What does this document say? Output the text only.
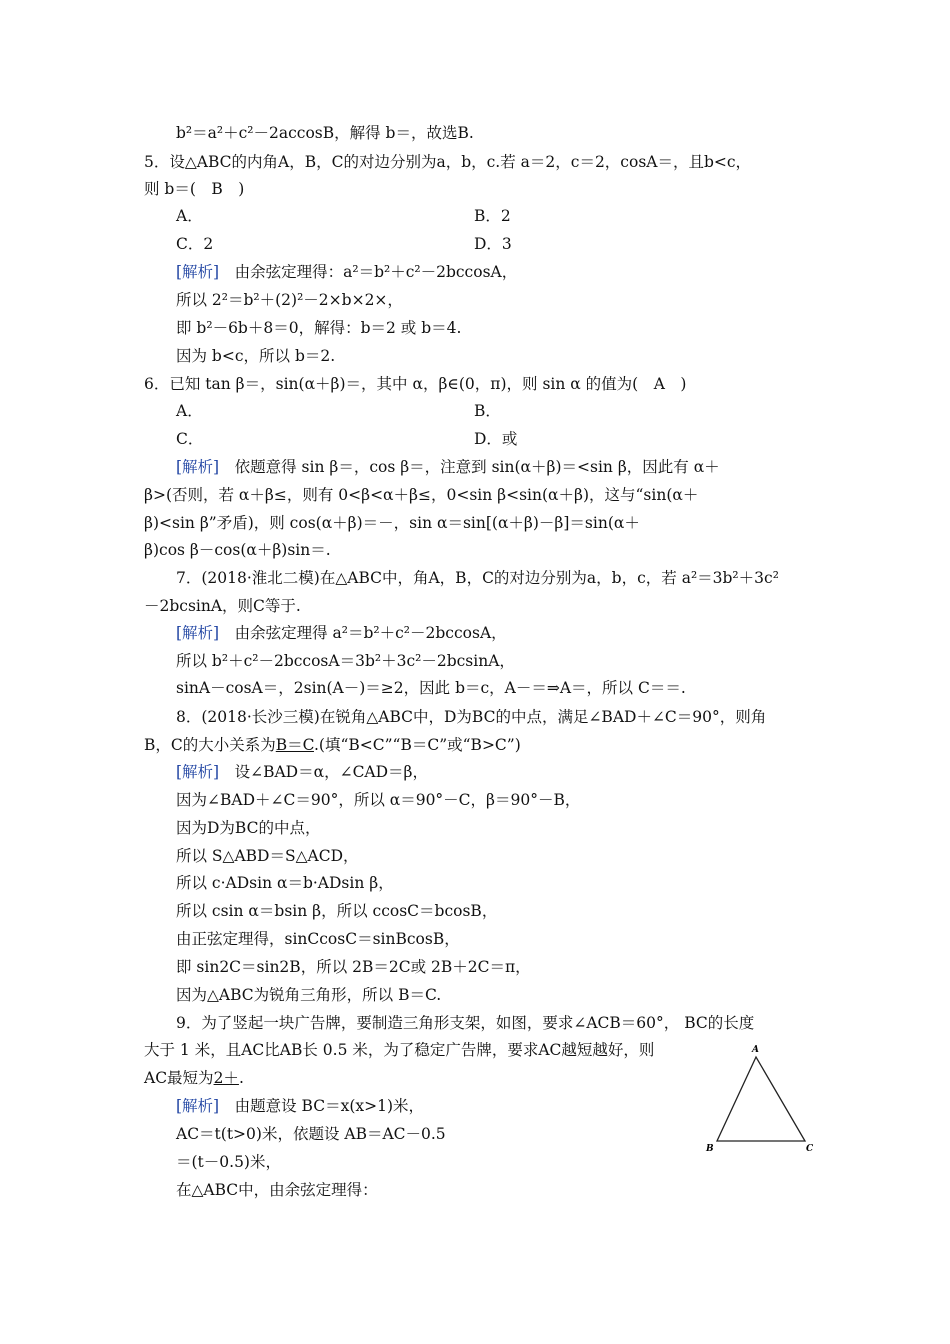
b²＝a²＋c²－2accosB，解得 b＝，故选B.
5．设△ABC的内角A，B，C的对边分别为a，b，c.若 a＝2，c＝2，cosA＝，且b<c，
则 b＝(　B　)
A．	B．2
C．2	D．3
[解析]　由余弦定理得：a²＝b²＋c²－2bccosA，
所以 2²＝b²＋(2)²－2×b×2×，
即 b²－6b＋8＝0，解得：b＝2 或 b＝4.
因为 b<c，所以 b＝2.
6．已知 tan β＝，sin(α＋β)＝，其中 α，β∈(0，π)，则 sin α 的值为(　A　)
A．	B．
C．	D．或
[解析]　依题意得 sin β＝，cos β＝，注意到 sin(α＋β)＝<sin β，因此有 α＋
β>(否则，若 α＋β≤，则有 0<β<α＋β≤，0<sin β<sin(α＋β)，这与“sin(α＋
β)<sin β”矛盾)，则 cos(α＋β)＝－，sin α＝sin[(α＋β)－β]＝sin(α＋
β)cos β－cos(α＋β)sin＝.
7．(2018·淮北二模)在△ABC中，角A，B，C的对边分别为a，b，c，若 a²＝3b²＋3c²
－2bcsinA，则C等于.
[解析]　由余弦定理得 a²＝b²＋c²－2bccosA，
所以 b²＋c²－2bccosA＝3b²＋3c²－2bcsinA，
sinA－cosA＝，2sin(A－)＝≥2，因此 b＝c，A－＝⇒A＝，所以 C＝＝.
8．(2018·长沙三模)在锐角△ABC中，D为BC的中点，满足∠BAD＋∠C＝90°，则角
B，C的大小关系为B＝C.(填“B<C”“B＝C”或“B>C”)
[解析]　设∠BAD＝α，∠CAD＝β，
因为∠BAD＋∠C＝90°，所以 α＝90°－C，β＝90°－B，
因为D为BC的中点，
所以 S△ABD＝S△ACD，
所以 c·ADsin α＝b·ADsin β，
所以 csin α＝bsin β，所以 ccosC＝bcosB，
由正弦定理得，sinCcosC＝sinBcosB，
即 sin2C＝sin2B，所以 2B＝2C或 2B＋2C＝π，
因为△ABC为锐角三角形，所以 B＝C.
9．为了竖起一块广告牌，要制造三角形支架，如图，要求∠ACB＝60°， BC的长度
大于 1 米，且AC比AB长 0.5 米，为了稳定广告牌，要求AC越短越好，则
AC最短为2＋.
[解析]　由题意设 BC＝x(x>1)米，
AC＝t(t>0)米，依题设 AB＝AC－0.5
＝(t－0.5)米，
在△ABC中，由余弦定理得：
A
B	C
